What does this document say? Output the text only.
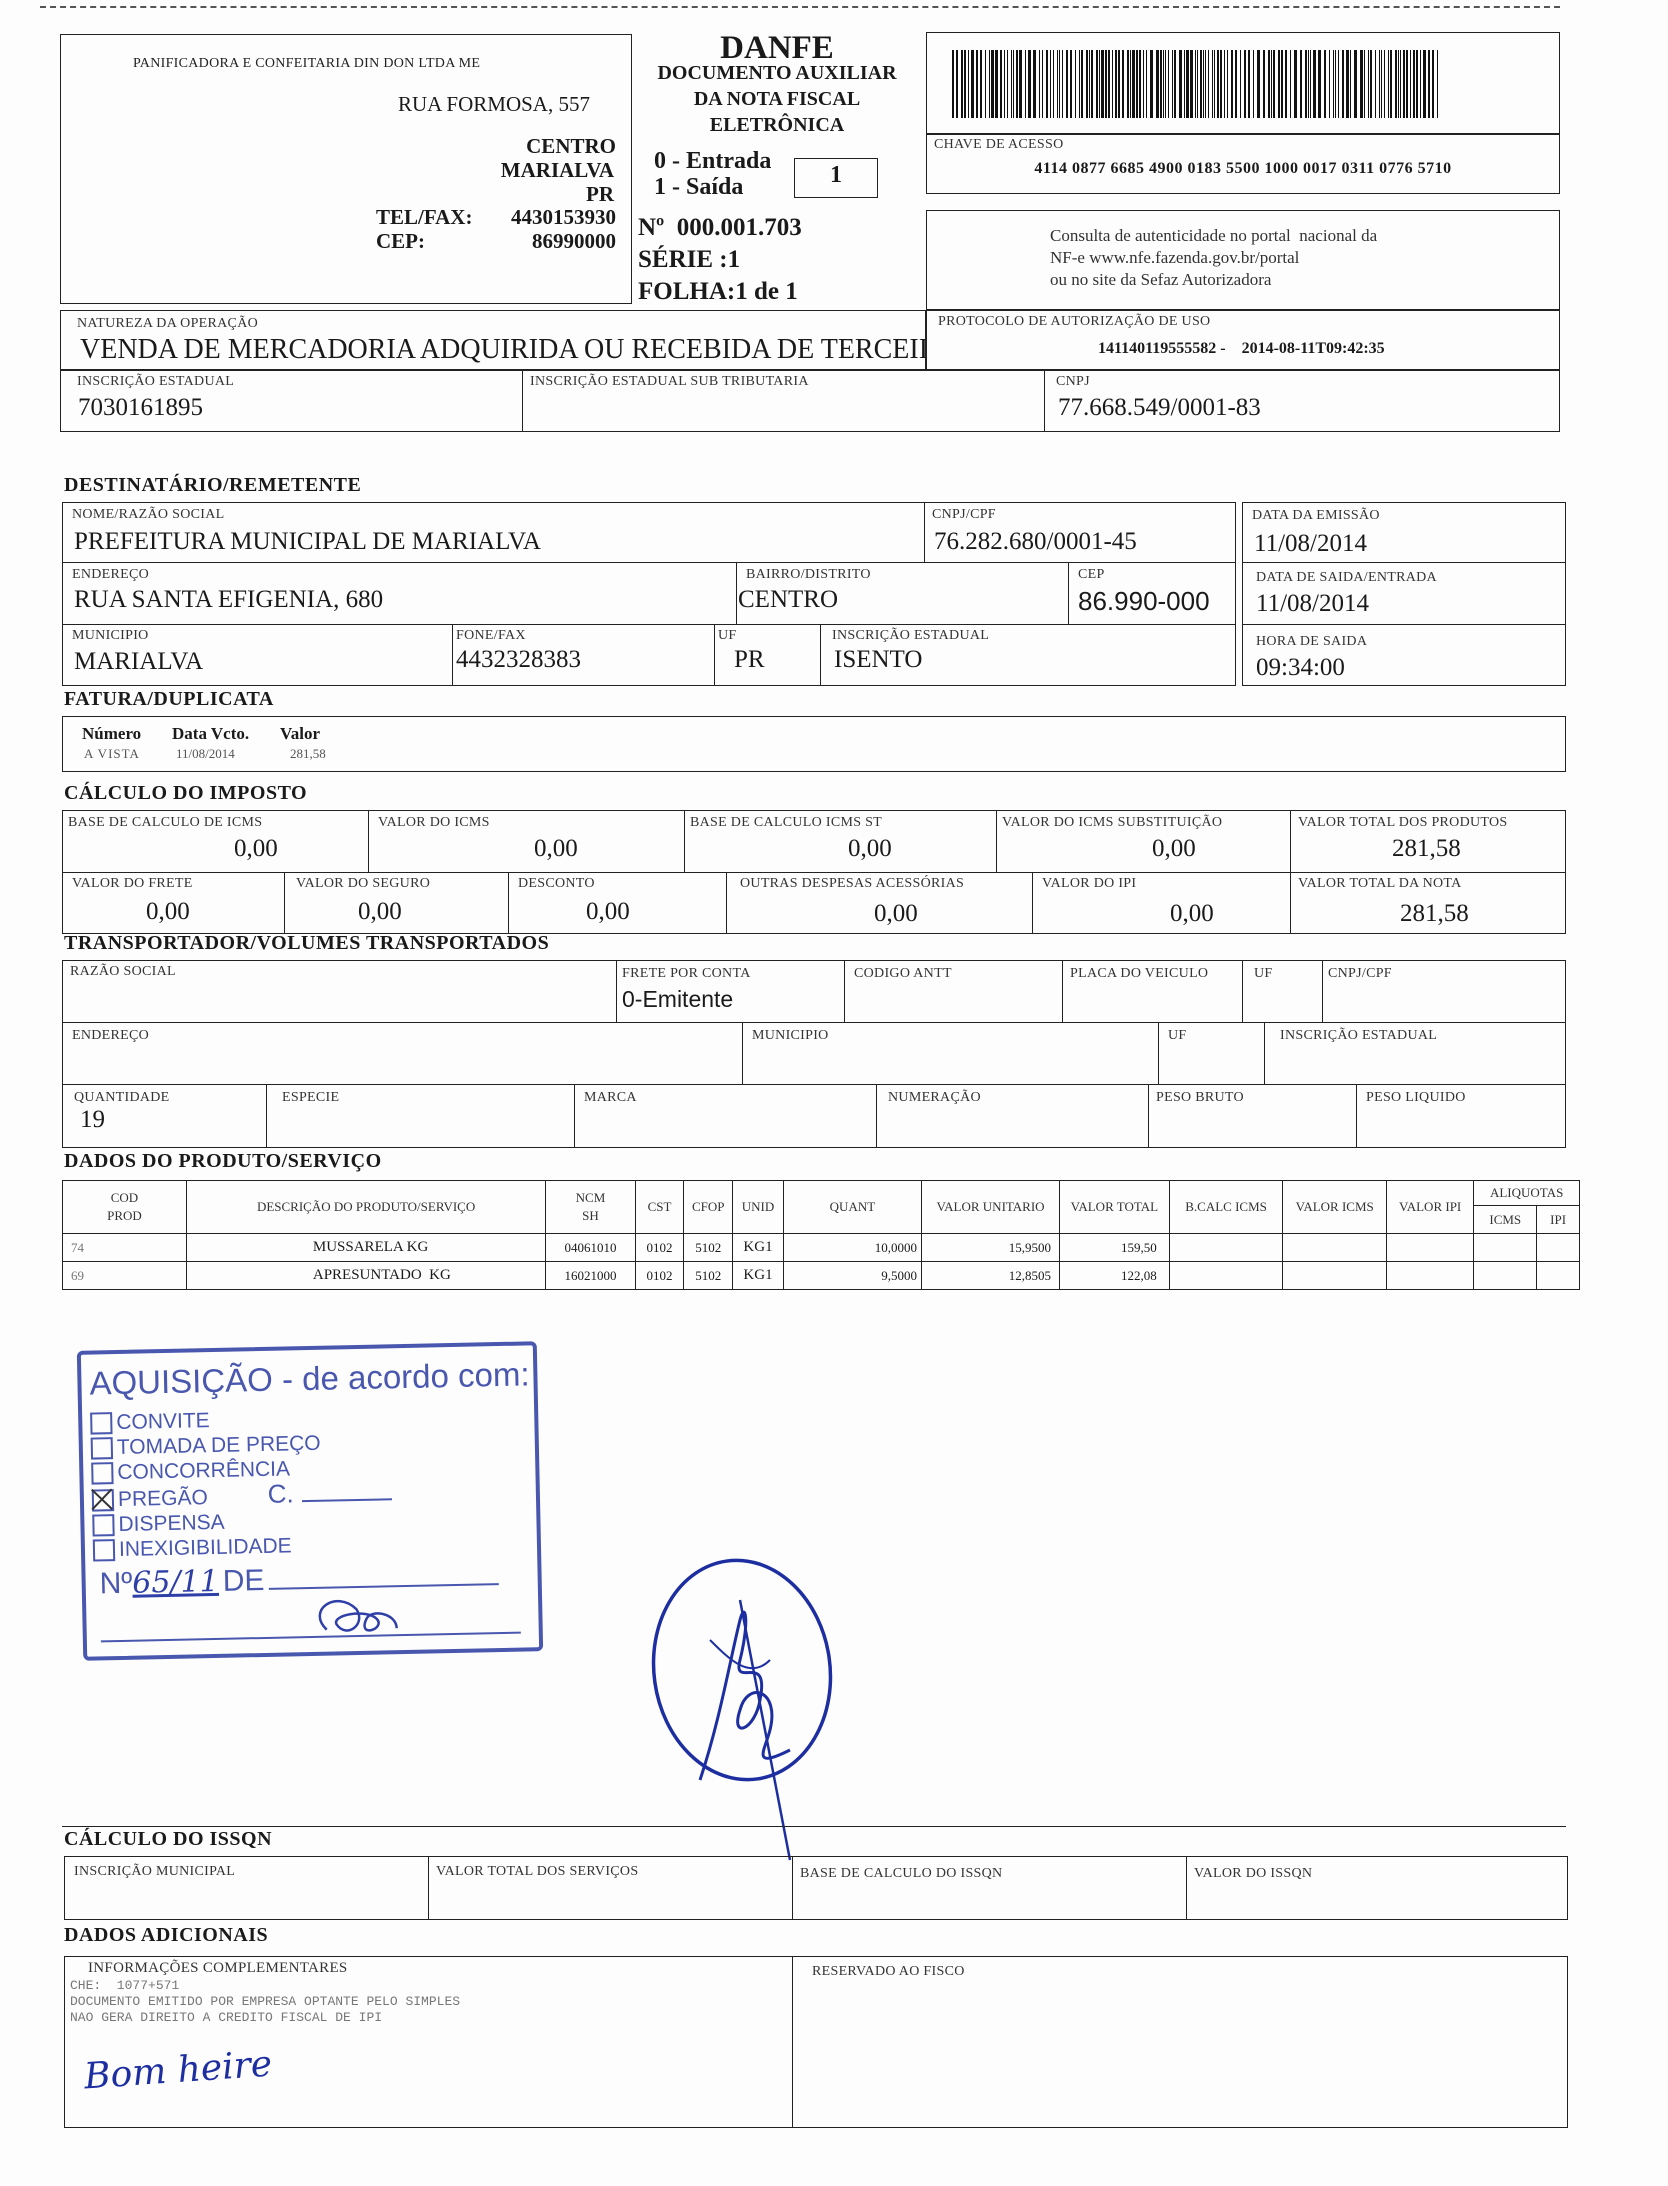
PANIFICADORA E CONFEITARIA DIN DON LTDA ME
RUA FORMOSA, 557
CENTRO
MARIALVA
PR
TEL/FAX: 4430153930
CEP:	86990000
DANFE
DOCUMENTO AUXILIAR
DA NOTA FISCAL
ELETRÔNICA
0 - Entrada
1 - Saída	1
Nº  000.001.703
SÉRIE :1
FOLHA:1 de 1
CHAVE DE ACESSO
4114 0877 6685 4900 0183 5500 1000 0017 0311 0776 5710
Consulta de autenticidade no portal  nacional da
NF-e www.nfe.fazenda.gov.br/portal
ou no site da Sefaz Autorizadora
NATUREZA DA OPERAÇÃO
VENDA DE MERCADORIA ADQUIRIDA OU RECEBIDA DE TERCEII
PROTOCOLO DE AUTORIZAÇÃO DE USO
141140119555582 -    2014-08-11T09:42:35
INSCRIÇÃO ESTADUAL
7030161895
INSCRIÇÃO ESTADUAL SUB TRIBUTARIA	CNPJ
77.668.549/0001-83
DESTINATÁRIO/REMETENTE
NOME/RAZÃO SOCIAL
PREFEITURA MUNICIPAL DE MARIALVA
CNPJ/CPF
76.282.680/0001-45
ENDEREÇO
RUA SANTA EFIGENIA, 680
BAIRRO/DISTRITO
CENTRO
CEP
86.990-000
MUNICIPIO
MARIALVA
FONE/FAX
4432328383
UF
PR
INSCRIÇÃO ESTADUAL
ISENTO
DATA DA EMISSÃO
11/08/2014
DATA DE SAIDA/ENTRADA
11/08/2014
HORA DE SAIDA
09:34:00
FATURA/DUPLICATA
Número Data Vcto. Valor
A VISTA	11/08/2014	281,58
CÁLCULO DO IMPOSTO
BASE DE CALCULO DE ICMS
0,00
VALOR DO ICMS
0,00
BASE DE CALCULO ICMS ST
0,00
VALOR DO ICMS SUBSTITUIÇÃO
0,00
VALOR TOTAL DOS PRODUTOS
281,58
VALOR DO FRETE
0,00
VALOR DO SEGURO
0,00
DESCONTO
0,00
OUTRAS DESPESAS ACESSÓRIAS
0,00
VALOR DO IPI
0,00
VALOR TOTAL DA NOTA
281,58
TRANSPORTADOR/VOLUMES TRANSPORTADOS
RAZÃO SOCIAL	FRETE POR CONTA
0-Emitente
CODIGO ANTT	PLACA DO VEICULO	UF	CNPJ/CPF
ENDEREÇO	MUNICIPIO	UF	INSCRIÇÃO ESTADUAL
QUANTIDADE
19
ESPECIE	MARCA	NUMERAÇÃO	PESO BRUTO	PESO LIQUIDO
DADOS DO PRODUTO/SERVIÇO
COD PROD	DESCRIÇÃO DO PRODUTO/SERVIÇO	NCM SH	CST	CFOP	UNID	QUANT	VALOR UNITARIO	VALOR TOTAL	B.CALC ICMS	VALOR ICMS	VALOR IPI	ALIQUOTAS	
												ICMS	IPI
74	MUSSARELA KG	04061010	0102	5102	KG1	10,0000	15,9500	159,50					
69	APRESUNTADO  KG	16021000	0102	5102	KG1	9,5000	12,8505	122,08					
AQUISIÇÃO - de acordo com:
CONVITE
TOMADA DE PREÇO
CONCORRÊNCIA
PREGÃO C.
DISPENSA
INEXIGIBILIDADE
Nº65/11 DE
CÁLCULO DO ISSQN
INSCRIÇÃO MUNICIPAL	VALOR TOTAL DOS SERVIÇOS	BASE DE CALCULO DO ISSQN	VALOR DO ISSQN
DADOS ADICIONAIS
INFORMAÇÕES COMPLEMENTARES
CHE:  1077+571
DOCUMENTO EMITIDO POR EMPRESA OPTANTE PELO SIMPLES
NAO GERA DIREITO A CREDITO FISCAL DE IPI
Bom heire
RESERVADO AO FISCO
